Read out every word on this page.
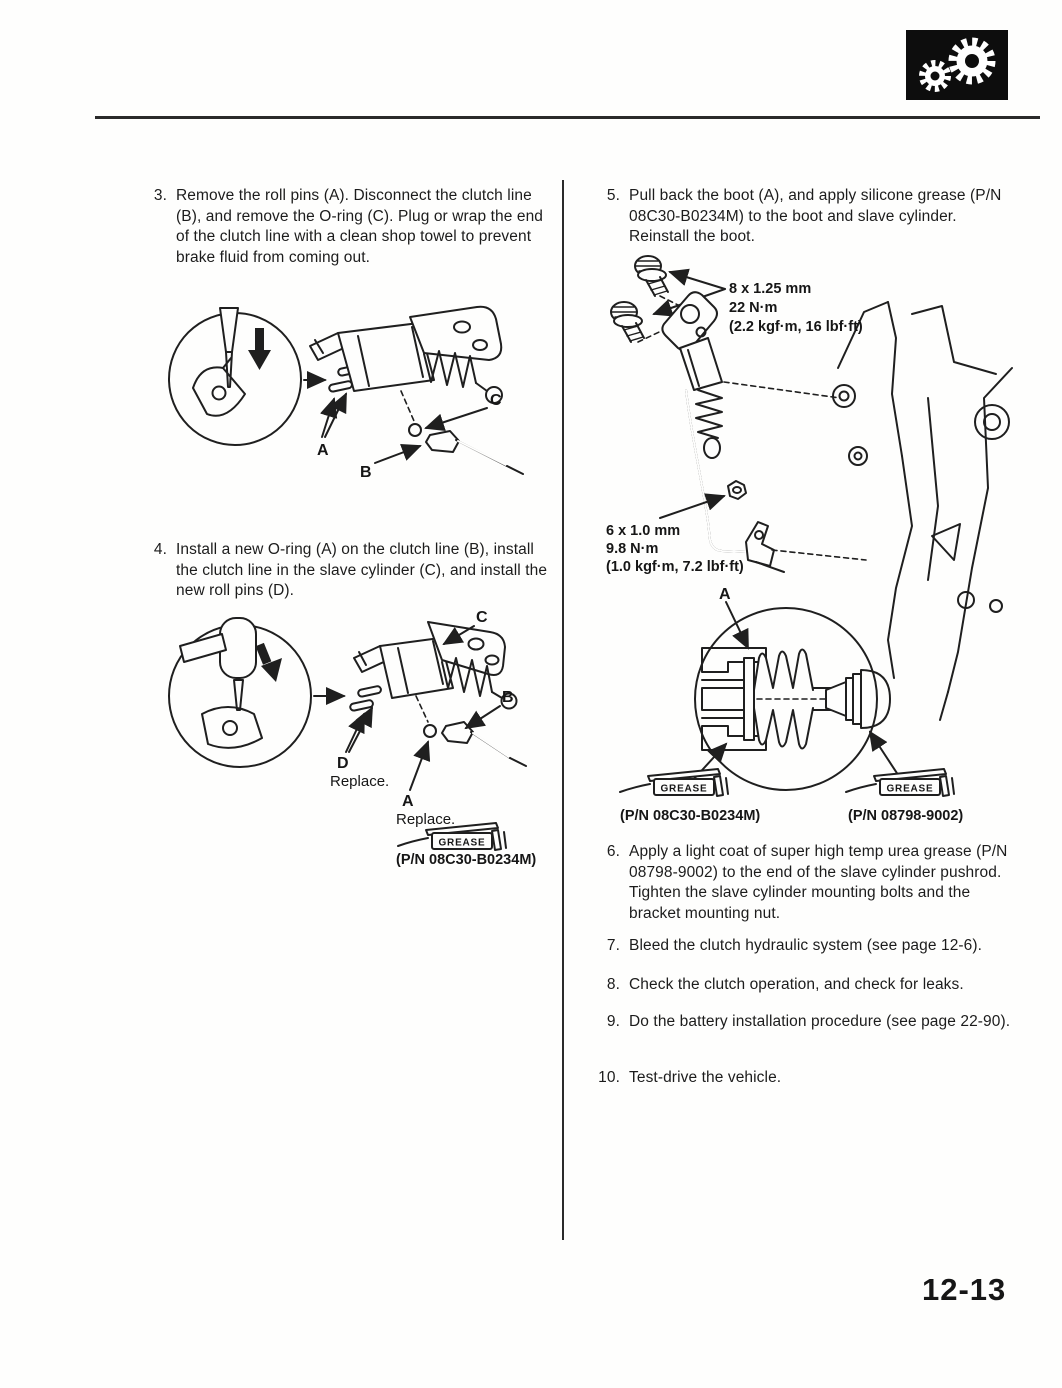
3. Remove the roll pins (A). Disconnect the clutch line (B), and remove the O-ring (C). Plug or wrap the end of the clutch line with a clean shop towel to prevent brake fluid from coming out.
A
B
C
4. Install a new O-ring (A) on the clutch line (B), install the clutch line in the slave cylinder (C), and install the new roll pins (D).
C
B
D
Replace.
A
Replace.
GREASE
(P/N 08C30-B0234M)
5. Pull back the boot (A), and apply silicone grease (P/N 08C30-B0234M) to the boot and slave cylinder. Reinstall the boot.
8 x 1.25 mm
22 N·m
(2.2 kgf·m, 16 lbf·ft)
6 x 1.0 mm
9.8 N·m
(1.0 kgf·m, 7.2 lbf·ft)
A
GREASE	GREASE
(P/N 08C30-B0234M)	(P/N 08798-9002)
6. Apply a light coat of super high temp urea grease (P/N 08798-9002) to the end of the slave cylinder pushrod. Tighten the slave cylinder mounting bolts and the bracket mounting nut.
7. Bleed the clutch hydraulic system (see page 12-6).
8. Check the clutch operation, and check for leaks.
9. Do the battery installation procedure (see page 22-90).
10. Test-drive the vehicle.
12-13
